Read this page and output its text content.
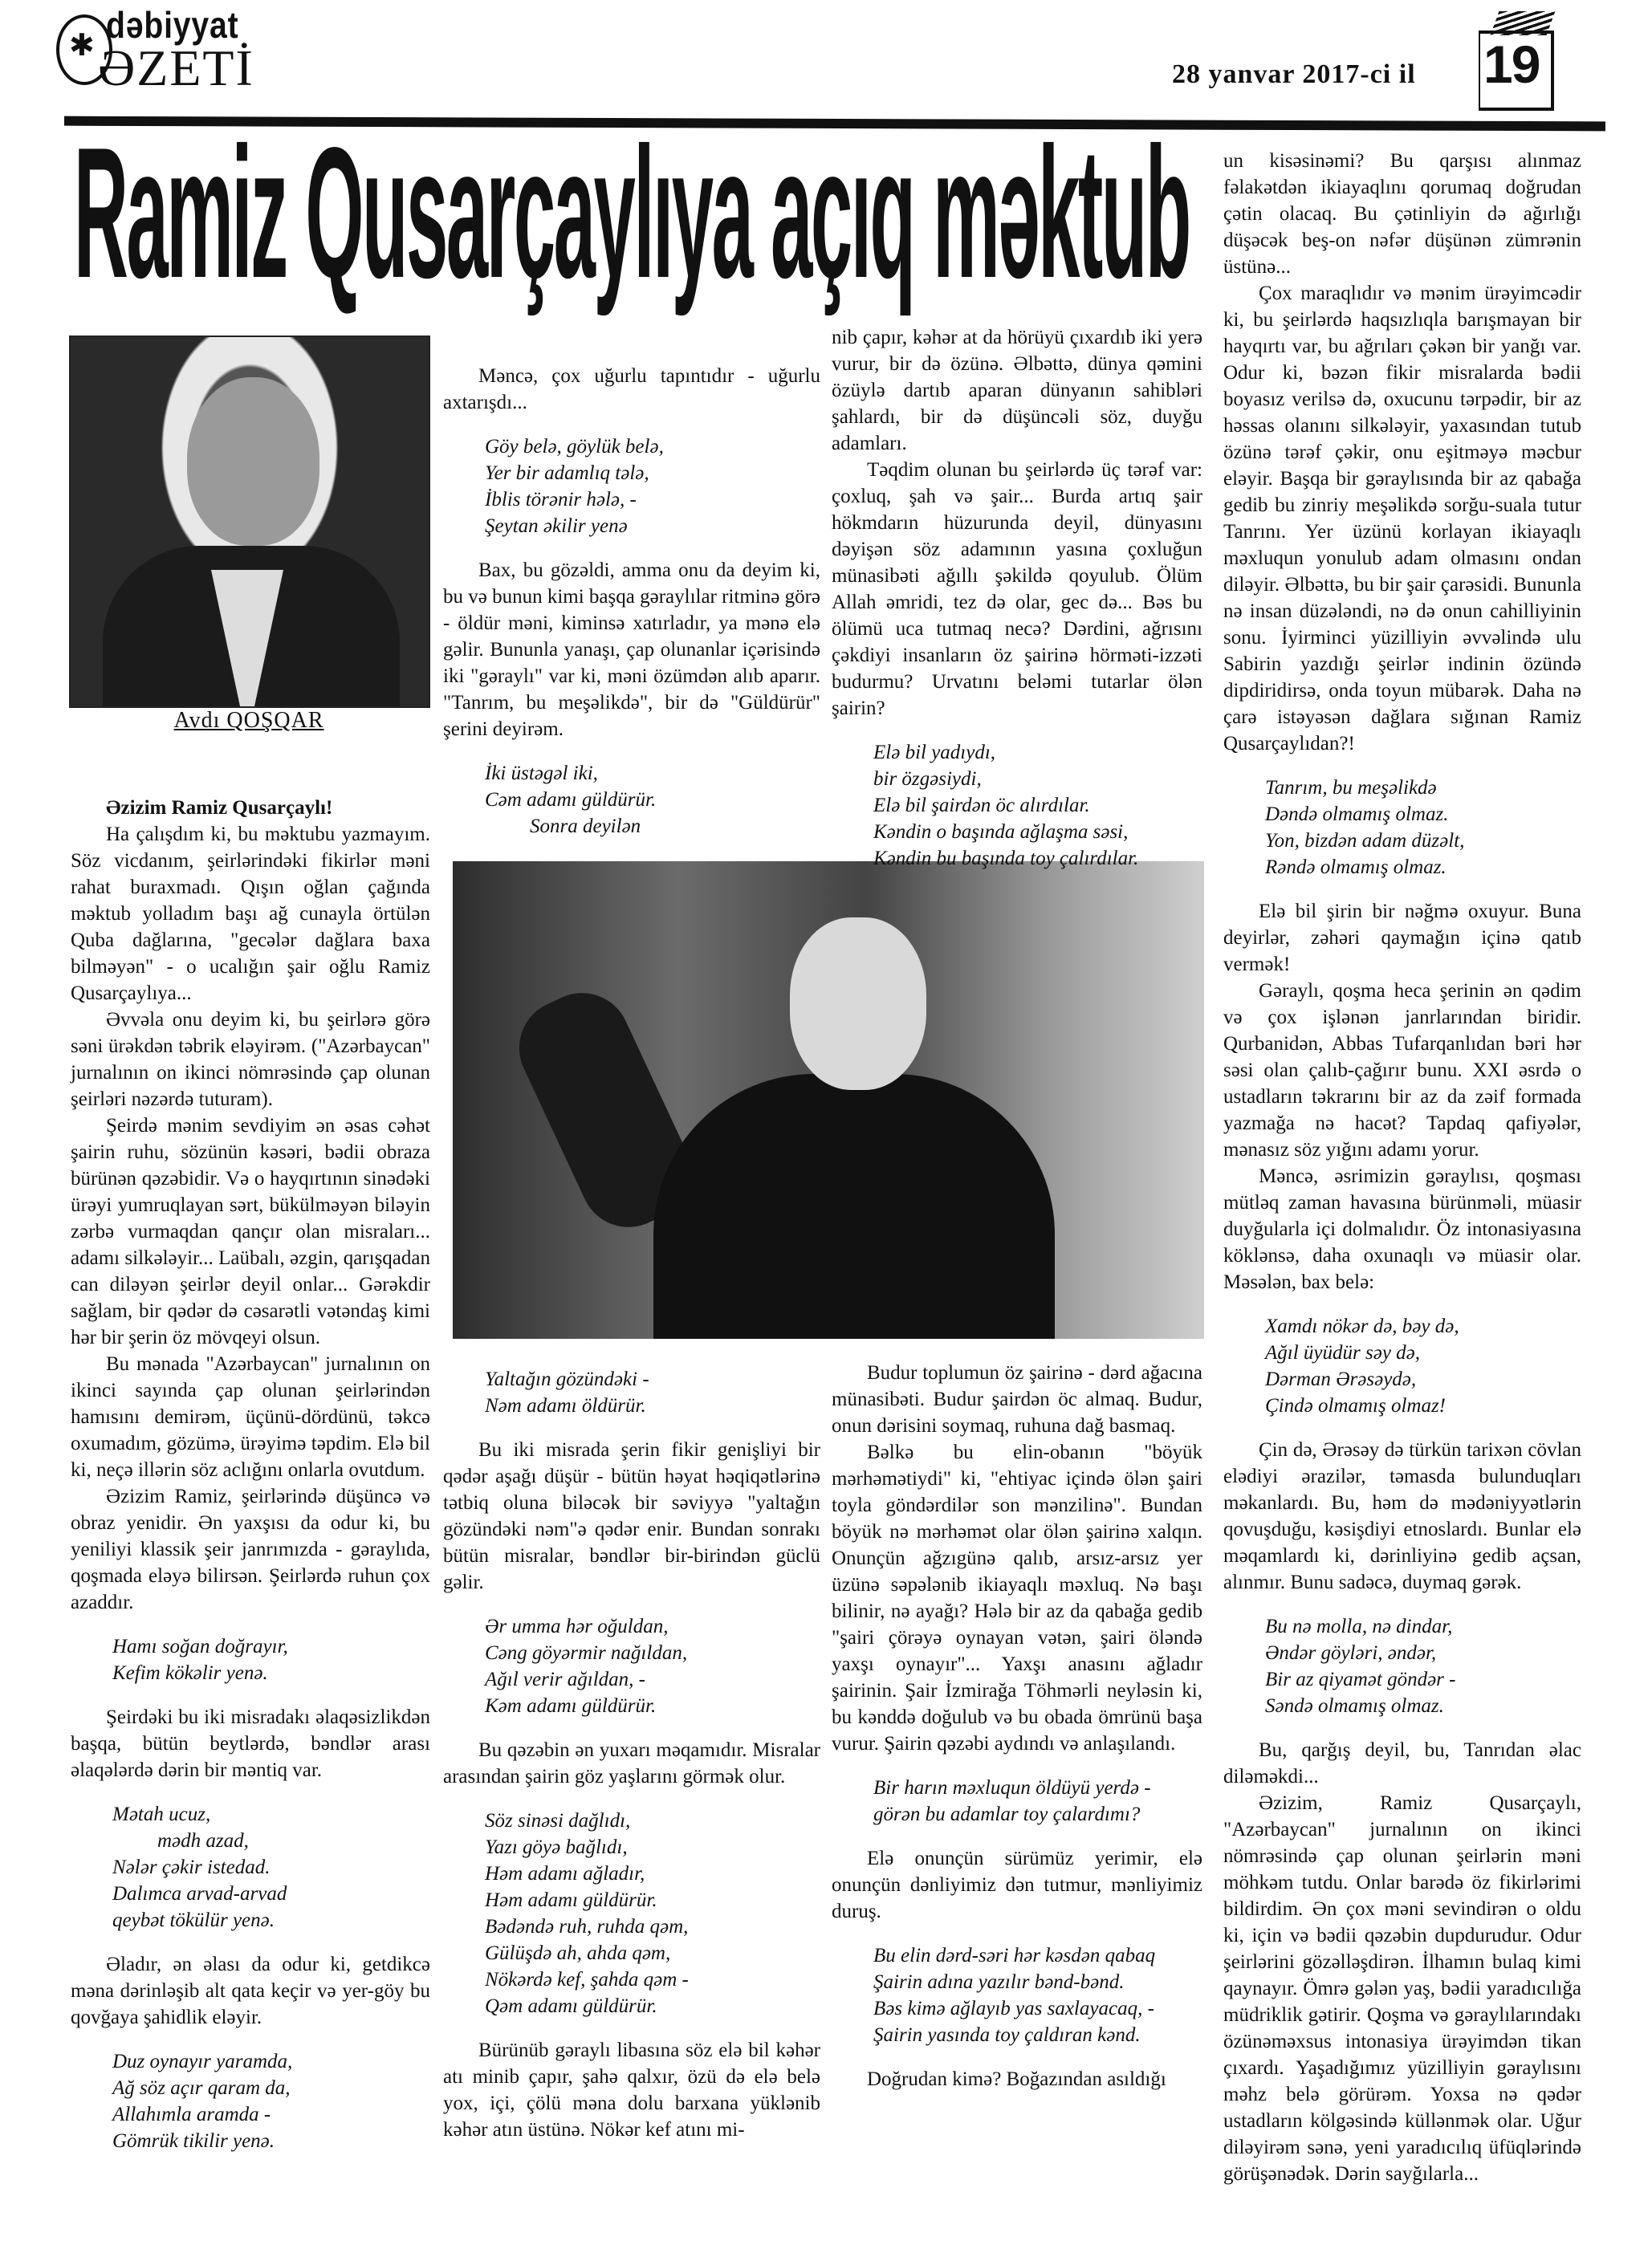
✱
dəbiyyat
ƏZETİ	28 yanvar 2017-ci il 19
Ramiz Qusarçaylıya açıq məktub
Avdı QOŞQAR

Əzizim Ramiz Qusarçaylı!

Ha çalışdım ki, bu məktubu yazmayım. Söz vicdanım, şeirlərindəki fikirlər məni rahat buraxmadı. Qışın oğlan çağında məktub yolladım başı ağ cunayla örtülən Quba dağlarına, "gecələr dağlara baxa bilməyən" - o ucalığın şair oğlu Ramiz Qusarçaylıya...

Əvvəla onu deyim ki, bu şeirlərə görə səni ürəkdən təbrik eləyirəm. ("Azərbaycan" jurnalının on ikinci nömrəsində çap olunan şeirləri nəzərdə tuturam).

Şeirdə mənim sevdiyim ən əsas cəhət şairin ruhu, sözünün kəsəri, bədii obraza bürünən qəzəbidir. Və o hayqırtının sinədəki ürəyi yumruqlayan sərt, bükülməyən biləyin zərbə vurmaqdan qançır olan misraları... adamı silkələyir... Laübalı, əzgin, qarışqadan can diləyən şeirlər deyil onlar... Gərəkdir sağlam, bir qədər də cəsarətli vətəndaş kimi hər bir şerin öz mövqeyi olsun.

Bu mənada "Azərbaycan" jurnalının on ikinci sayında çap olunan şeirlərindən hamısını demirəm, üçünü-dördünü, təkcə oxumadım, gözümə, ürəyimə təpdim. Elə bil ki, neçə illərin söz aclığını onlarla ovutdum.

Əzizim Ramiz, şeirlərində düşüncə və obraz yenidir. Ən yaxşısı da odur ki, bu yeniliyi klassik şeir janrımızda - gəraylıda, qoşmada eləyə bilirsən. Şeirlərdə ruhun çox azaddır.

Hamı soğan doğrayır,
Kefim kökəlir yenə.

Şeirdəki bu iki misradakı əlaqəsizlikdən başqa, bütün beytlərdə, bəndlər arası əlaqələrdə dərin bir məntiq var.

Mətah ucuz,
mədh azad,
Nələr çəkir istedad.
Dalımca arvad-arvad
qeybət tökülür yenə.

Əladır, ən əlası da odur ki, getdikcə məna dərinləşib alt qata keçir və yer-göy bu qovğaya şahidlik eləyir.

Duz oynayır yaramda,
Ağ söz açır qaram da,
Allahımla aramda -
Gömrük tikilir yenə.

Məncə, çox uğurlu tapıntıdır - uğurlu axtarışdı...

Göy belə, göylük belə,
Yer bir adamlıq tələ,
İblis törənir hələ, -
Şeytan əkilir yenə

Bax, bu gözəldi, amma onu da deyim ki, bu və bunun kimi başqa gəraylılar ritminə görə - öldür məni, kiminsə xatırladır, ya mənə elə gəlir. Bununla yanaşı, çap olunanlar içərisində iki "gəraylı" var ki, məni özümdən alıb aparır. "Tanrım, bu meşəlikdə", bir də "Güldürür" şerini deyirəm.

İki üstəgəl iki,
Cəm adamı güldürür.
Sonra deyilən

nib çapır, kəhər at da hörüyü çıxardıb iki yerə vurur, bir də özünə. Əlbəttə, dünya qəmini özüylə dartıb aparan dünyanın sahibləri şahlardı, bir də düşüncəli söz, duyğu adamları.

Təqdim olunan bu şeirlərdə üç tərəf var: çoxluq, şah və şair... Burda artıq şair hökmdarın hüzurunda deyil, dünyasını dəyişən söz adamının yasına çoxluğun münasibəti ağıllı şəkildə qoyulub. Ölüm Allah əmridi, tez də olar, gec də... Bəs bu ölümü uca tutmaq necə? Dərdini, ağrısını çəkdiyi insanların öz şairinə hörməti-izzəti budurmu? Urvatını beləmi tutarlar ölən şairin?

Elə bil yadıydı,
bir özgəsiydi,
Elə bil şairdən öc alırdılar.
Kəndin o başında ağlaşma səsi,
Kəndin bu başında toy çalırdılar.
Yaltağın gözündəki -
Nəm adamı öldürür.

Bu iki misrada şerin fikir genişliyi bir qədər aşağı düşür - bütün həyat həqiqətlərinə tətbiq oluna biləcək bir səviyyə "yaltağın gözündəki nəm"ə qədər enir. Bundan sonrakı bütün misralar, bəndlər bir-birindən güclü gəlir.

Ər umma hər oğuldan,
Cəng göyərmir nağıldan,
Ağıl verir ağıldan, -
Kəm adamı güldürür.

Bu qəzəbin ən yuxarı məqamıdır. Misralar arasından şairin göz yaşlarını görmək olur.

Söz sinəsi dağlıdı,
Yazı göyə bağlıdı,
Həm adamı ağladır,
Həm adamı güldürür.
Bədəndə ruh, ruhda qəm,
Gülüşdə ah, ahda qəm,
Nökərdə kef, şahda qəm -
Qəm adamı güldürür.

Bürünüb gəraylı libasına söz elə bil kəhər atı minib çapır, şahə qalxır, özü də elə belə yox, içi, çölü məna dolu barxana yüklənib kəhər atın üstünə. Nökər kef atını mi-

Budur toplumun öz şairinə - dərd ağacına münasibəti. Budur şairdən öc almaq. Budur, onun dərisini soymaq, ruhuna dağ basmaq.

Bəlkə bu elin-obanın "böyük mərhəmətiydi" ki, "ehtiyac içində ölən şairi toyla göndərdilər son mənzilinə". Bundan böyük nə mərhəmət olar ölən şairinə xalqın. Onunçün ağzıgünə qalıb, arsız-arsız yer üzünə səpələnib ikiayaqlı məxluq. Nə başı bilinir, nə ayağı? Hələ bir az da qabağa gedib "şairi çörəyə oynayan vətən, şairi öləndə yaxşı oynayır"... Yaxşı anasını ağladır şairinin. Şair İzmirağa Töhmərli neyləsin ki, bu kənddə doğulub və bu obada ömrünü başa vurur. Şairin qəzəbi aydındı və anlaşılandı.

Bir harın məxluqun öldüyü yerdə -
görən bu adamlar toy çalardımı?

Elə onunçün sürümüz yerimir, elə onunçün dənliyimiz dən tutmur, mənliyimiz duruş.

Bu elin dərd-səri hər kəsdən qabaq
Şairin adına yazılır bənd-bənd.
Bəs kimə ağlayıb yas saxlayacaq, -
Şairin yasında toy çaldıran kənd.

Doğrudan kimə? Boğazından asıldığı

un kisəsinəmi? Bu qarşısı alınmaz fəlakətdən ikiayaqlını qorumaq doğrudan çətin olacaq. Bu çətinliyin də ağırlığı düşəcək beş-on nəfər düşünən zümrənin üstünə...

Çox maraqlıdır və mənim ürəyimcədir ki, bu şeirlərdə haqsızlıqla barışmayan bir hayqırtı var, bu ağrıları çəkən bir yanğı var. Odur ki, bəzən fikir misralarda bədii boyasız verilsə də, oxucunu tərpədir, bir az həssas olanını silkələyir, yaxasından tutub özünə tərəf çəkir, onu eşitməyə məcbur eləyir. Başqa bir gəraylısında bir az qabağa gedib bu zinriy meşəlikdə sorğu-suala tutur Tanrını. Yer üzünü korlayan ikiayaqlı məxluqun yonulub adam olmasını ondan diləyir. Əlbəttə, bu bir şair çarəsidi. Bununla nə insan düzələndi, nə də onun cahilliyinin sonu. İyirminci yüzilliyin əvvəlində ulu Sabirin yazdığı şeirlər indinin özündə dipdiridirsə, onda toyun mübarək. Daha nə çarə istəyəsən dağlara sığınan Ramiz Qusarçaylıdan?!

Tanrım, bu meşəlikdə
Dəndə olmamış olmaz.
Yon, bizdən adam düzəlt,
Rəndə olmamış olmaz.

Elə bil şirin bir nəğmə oxuyur. Buna deyirlər, zəhəri qaymağın içinə qatıb vermək!

Gəraylı, qoşma heca şerinin ən qədim və çox işlənən janrlarından biridir. Qurbanidən, Abbas Tufarqanlıdan bəri hər səsi olan çalıb-çağırır bunu. XXI əsrdə o ustadların təkrarını bir az da zəif formada yazmağa nə hacət? Tapdaq qafiyələr, mənasız söz yığını adamı yorur.

Məncə, əsrimizin gəraylısı, qoşması mütləq zaman havasına bürünməli, müasir duyğularla içi dolmalıdır. Öz intonasiyasına köklənsə, daha oxunaqlı və müasir olar. Məsələn, bax belə:

Xamdı nökər də, bəy də,
Ağıl üyüdür səy də,
Dərman Ərəsəydə,
Çində olmamış olmaz!

Çin də, Ərəsəy də türkün tarixən cövlan elədiyi ərazilər, təmasda bulunduqları məkanlardı. Bu, həm də mədəniyyətlərin qovuşduğu, kəsişdiyi etnoslardı. Bunlar elə məqamlardı ki, dərinliyinə gedib açsan, alınmır. Bunu sadəcə, duymaq gərək.

Bu nə molla, nə dindar,
Əndər göyləri, əndər,
Bir az qiyamət göndər -
Səndə olmamış olmaz.

Bu, qarğış deyil, bu, Tanrıdan əlac diləməkdi...

Əzizim, Ramiz Qusarçaylı, "Azərbaycan" jurnalının on ikinci nömrəsində çap olunan şeirlərin məni möhkəm tutdu. Onlar barədə öz fikirlərimi bildirdim. Ən çox məni sevindirən o oldu ki, için və bədii qəzəbin dupdurudur. Odur şeirlərini gözəlləşdirən. İlhamın bulaq kimi qaynayır. Ömrə gələn yaş, bədii yaradıcılığa müdriklik gətirir. Qoşma və gəraylılarındakı özünəməxsus intonasiya ürəyimdən tikan çıxardı. Yaşadığımız yüzilliyin gəraylısını məhz belə görürəm. Yoxsa nə qədər ustadların kölgəsində küllənmək olar. Uğur diləyirəm sənə, yeni yaradıcılıq üfüqlərində görüşənədək. Dərin sayğılarla...
